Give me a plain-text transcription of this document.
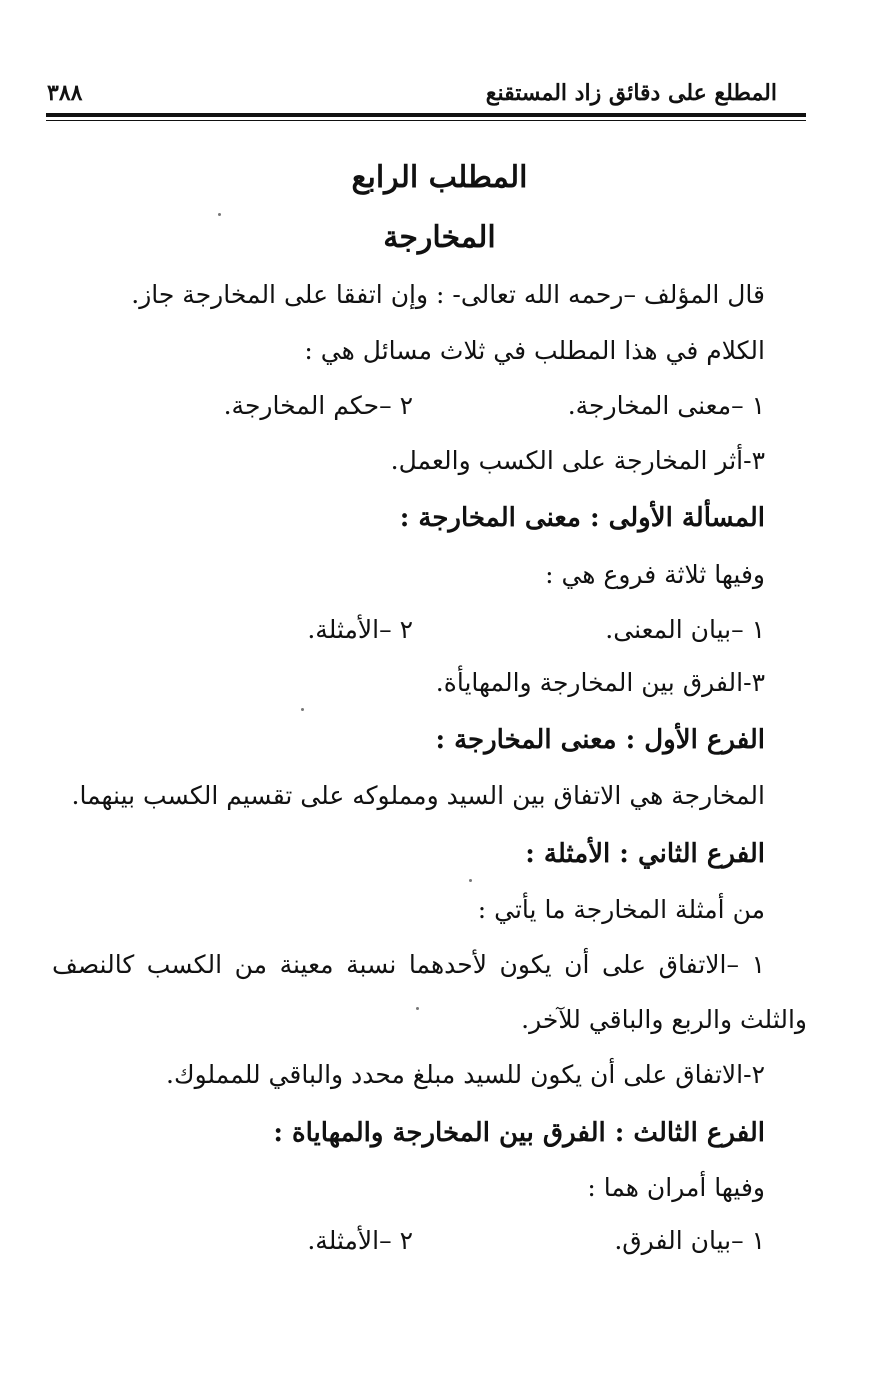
المطلع على دقائق زاد المستقنع
٣٨٨
المطلب الرابع
المخارجة
قال المؤلف –رحمه الله تعالى- : وإن اتفقا على المخارجة جاز.
الكلام في هذا المطلب في ثلاث مسائل هي :
١ –معنى المخارجة.
٢ –حكم المخارجة.
٣-أثر المخارجة على الكسب والعمل.
المسألة الأولى : معنى المخارجة :
وفيها ثلاثة فروع هي :
١ –بيان المعنى.
٢ –الأمثلة.
٣-الفرق بين المخارجة والمهايأة.
الفرع الأول : معنى المخارجة :
المخارجة هي الاتفاق بين السيد ومملوكه على تقسيم الكسب بينهما.
الفرع الثاني : الأمثلة :
من أمثلة المخارجة ما يأتي :
١ –الاتفاق على أن يكون لأحدهما نسبة معينة من الكسب كالنصف
والثلث والربع والباقي للآخر.
٢-الاتفاق على أن يكون للسيد مبلغ محدد والباقي للمملوك.
الفرع الثالث : الفرق بين المخارجة والمهاياة :
وفيها أمران هما :
١ –بيان الفرق.
٢ –الأمثلة.
